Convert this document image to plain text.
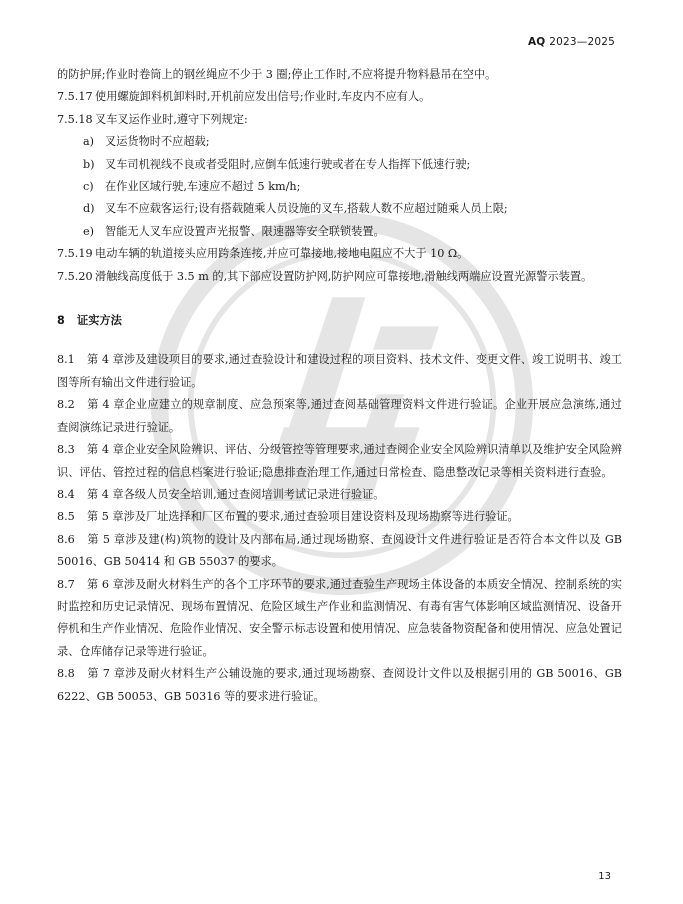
AQ 2023—2025

的防护屏;作业时卷筒上的钢丝绳应不少于 3 圈;停止工作时,不应将提升物料悬吊在空中。

7.5.17 使用螺旋卸料机卸料时,开机前应发出信号;作业时,车皮内不应有人。

7.5.18 叉车叉运作业时,遵守下列规定:

a) 叉运货物时不应超载;
b) 叉车司机视线不良或者受阻时,应倒车低速行驶或者在专人指挥下低速行驶;
c)	在作业区域行驶,车速应不超过 5 km/h;
d) 叉车不应载客运行;设有搭载随乘人员设施的叉车,搭载人数不应超过随乘人员上限;
e) 智能无人叉车应设置声光报警、限速器等安全联锁装置。

7.5.19 电动车辆的轨道接头应用跨条连接,并应可靠接地,接地电阻应不大于 10 Ω。

7.5.20 滑触线高度低于 3.5 m 的,其下部应设置防护网,防护网应可靠接地,滑触线两端应设置光源警示装置。

8 证实方法

8.1 第 4 章涉及建设项目的要求,通过查验设计和建设过程的项目资料、技术文件、变更文件、竣工说明书、竣工图等所有输出文件进行验证。

8.2 第 4 章企业应建立的规章制度、应急预案等,通过查阅基础管理资料文件进行验证。企业开展应急演练,通过查阅演练记录进行验证。

8.3 第 4 章企业安全风险辨识、评估、分级管控等管理要求,通过查阅企业安全风险辨识清单以及维护安全风险辨识、评估、管控过程的信息档案进行验证;隐患排查治理工作,通过日常检查、隐患整改记录等相关资料进行查验。

8.4 第 4 章各级人员安全培训,通过查阅培训考试记录进行验证。

8.5 第 5 章涉及厂址选择和厂区布置的要求,通过查验项目建设资料及现场勘察等进行验证。

8.6 第 5 章涉及建(构)筑物的设计及内部布局,通过现场勘察、查阅设计文件进行验证是否符合本文件以及 GB 50016、GB 50414 和 GB 55037 的要求。

8.7 第 6 章涉及耐火材料生产的各个工序环节的要求,通过查验生产现场主体设备的本质安全情况、控制系统的实时监控和历史记录情况、现场布置情况、危险区域生产作业和监测情况、有毒有害气体影响区域监测情况、设备开停机和生产作业情况、危险作业情况、安全警示标志设置和使用情况、应急装备物资配备和使用情况、应急处置记录、仓库储存记录等进行验证。

8.8 第 7 章涉及耐火材料生产公辅设施的要求,通过现场勘察、查阅设计文件以及根据引用的 GB 50016、GB 6222、GB 50053、GB 50316 等的要求进行验证。

13
